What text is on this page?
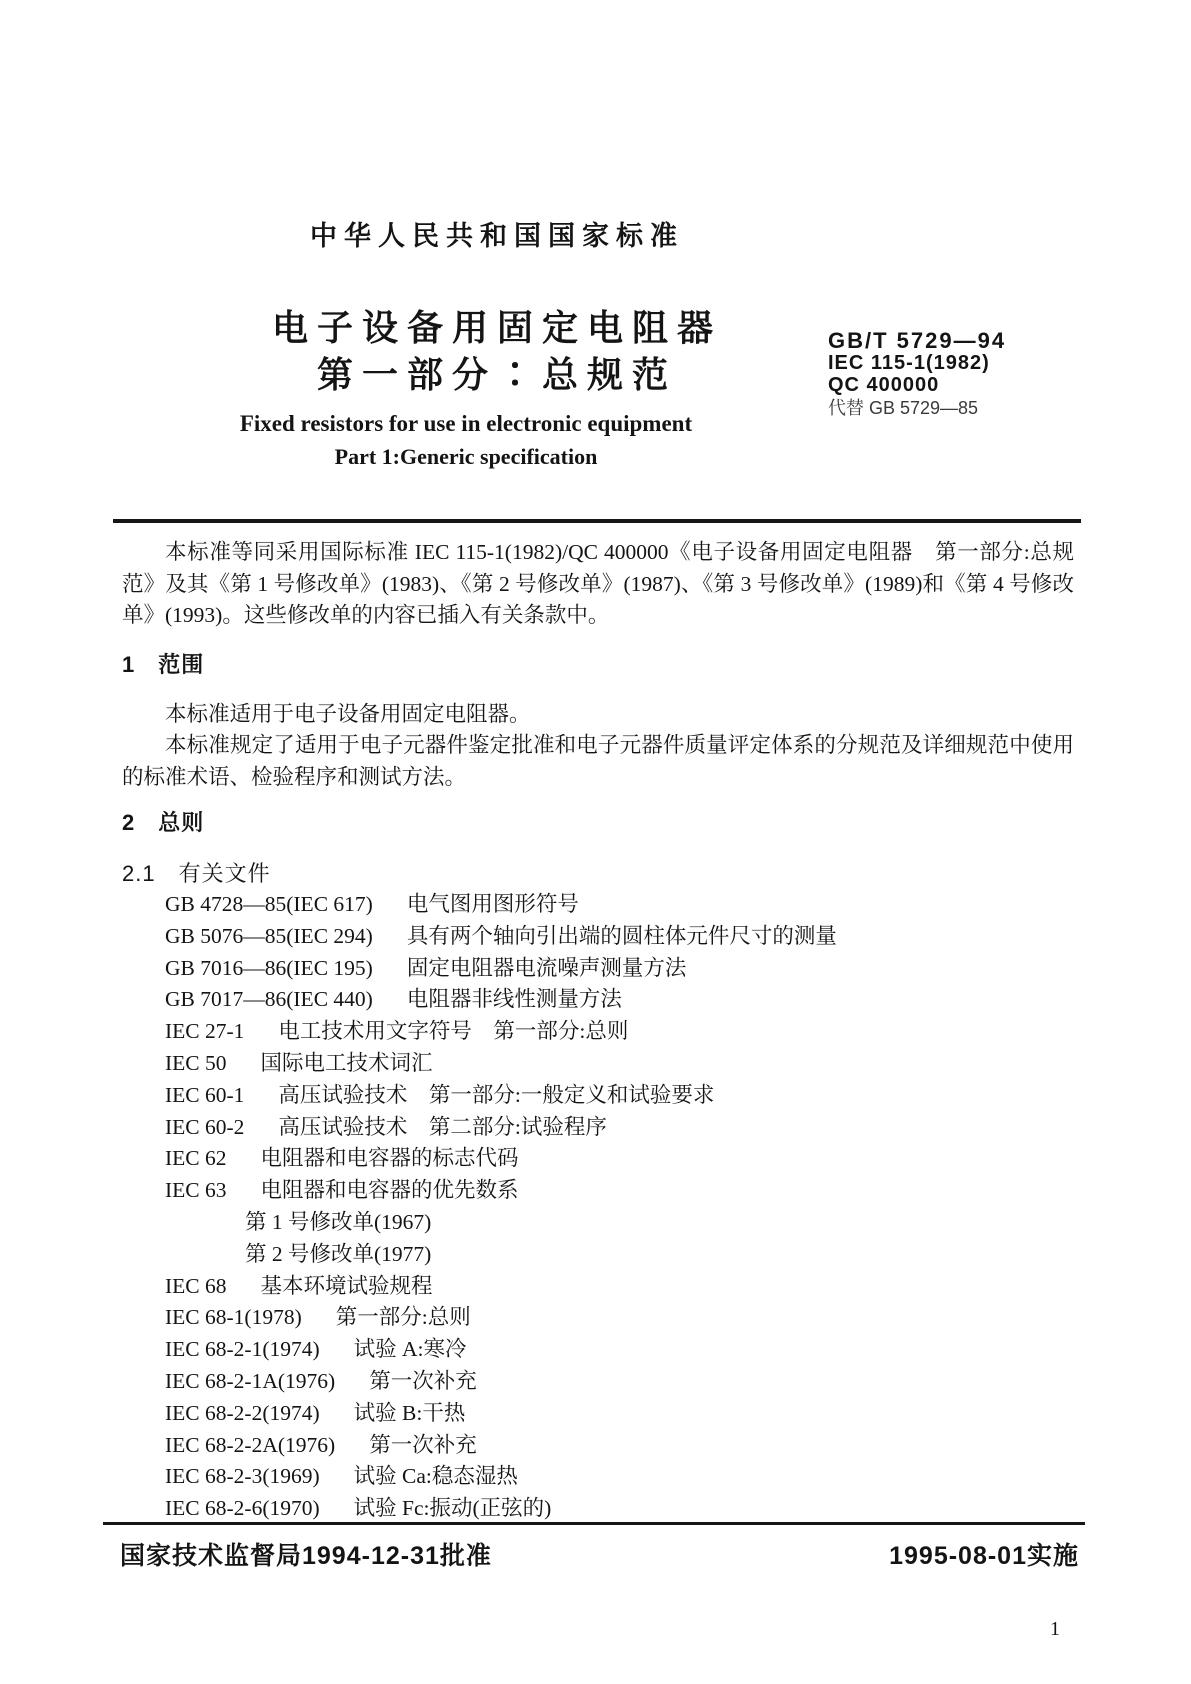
中华人民共和国国家标准
电子设备用固定电阻器
第一部分∶总规范
GB/T 5729—94
IEC 115-1(1982)
QC 400000
代替 GB 5729—85
Fixed resistors for use in electronic equipment
Part 1:Generic specification
本标准等同采用国际标准 IEC 115-1(1982)/QC 400000《电子设备用固定电阻器　第一部分:总规范》及其《第 1 号修改单》(1983)、《第 2 号修改单》(1987)、《第 3 号修改单》(1989)和《第 4 号修改单》(1993)。这些修改单的内容已插入有关条款中。
1　范围
本标准适用于电子设备用固定电阻器。
本标准规定了适用于电子元器件鉴定批准和电子元器件质量评定体系的分规范及详细规范中使用的标准术语、检验程序和测试方法。
2　总则
2.1　有关文件
GB 4728—85(IEC 617) 电气图用图形符号
GB 5076—85(IEC 294) 具有两个轴向引出端的圆柱体元件尺寸的测量
GB 7016—86(IEC 195) 固定电阻器电流噪声测量方法
GB 7017—86(IEC 440) 电阻器非线性测量方法
IEC 27-1 电工技术用文字符号　第一部分:总则
IEC 50 国际电工技术词汇
IEC 60-1 高压试验技术　第一部分:一般定义和试验要求
IEC 60-2 高压试验技术　第二部分:试验程序
IEC 62 电阻器和电容器的标志代码
IEC 63 电阻器和电容器的优先数系
第 1 号修改单(1967)
第 2 号修改单(1977)
IEC 68 基本环境试验规程
IEC 68-1(1978) 第一部分:总则
IEC 68-2-1(1974) 试验 A:寒冷
IEC 68-2-1A(1976) 第一次补充
IEC 68-2-2(1974) 试验 B:干热
IEC 68-2-2A(1976) 第一次补充
IEC 68-2-3(1969) 试验 Ca:稳态湿热
IEC 68-2-6(1970) 试验 Fc:振动(正弦的)
国家技术监督局1994-12-31批准	1995-08-01实施
1
